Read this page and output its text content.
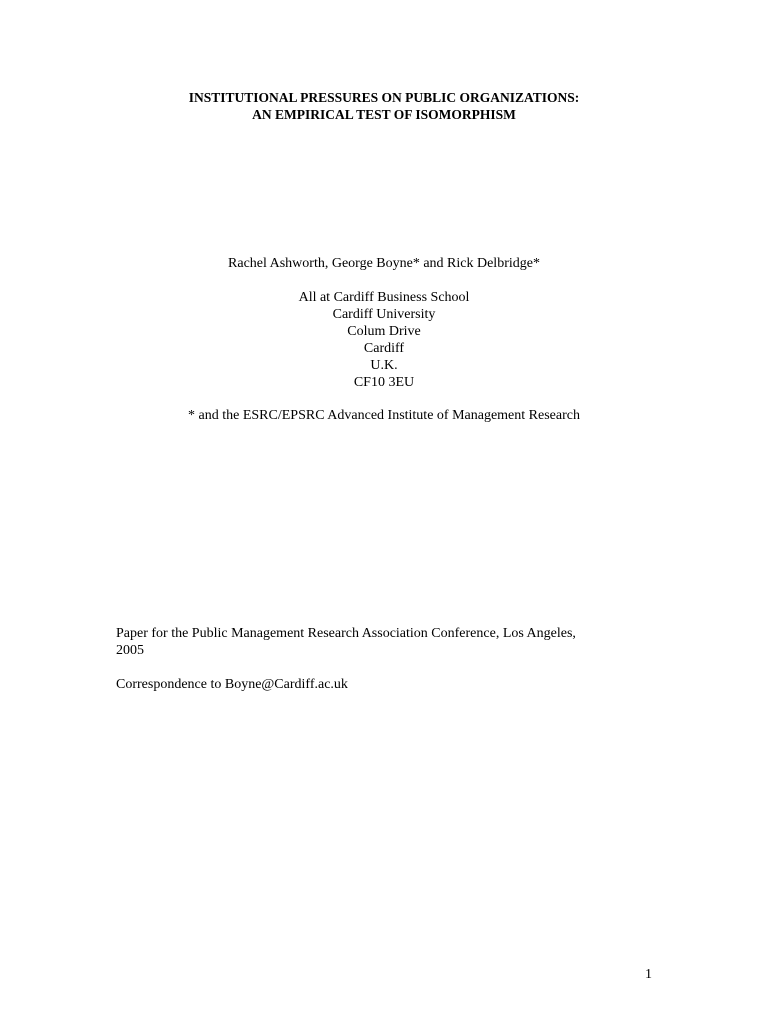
INSTITUTIONAL PRESSURES ON PUBLIC ORGANIZATIONS:
AN EMPIRICAL TEST OF ISOMORPHISM
Rachel Ashworth, George Boyne* and Rick Delbridge*
All at Cardiff Business School
Cardiff University
Colum Drive
Cardiff
U.K.
CF10 3EU
* and the ESRC/EPSRC Advanced Institute of Management Research
Paper for the Public Management Research Association Conference, Los Angeles,
2005
Correspondence to Boyne@Cardiff.ac.uk
1
